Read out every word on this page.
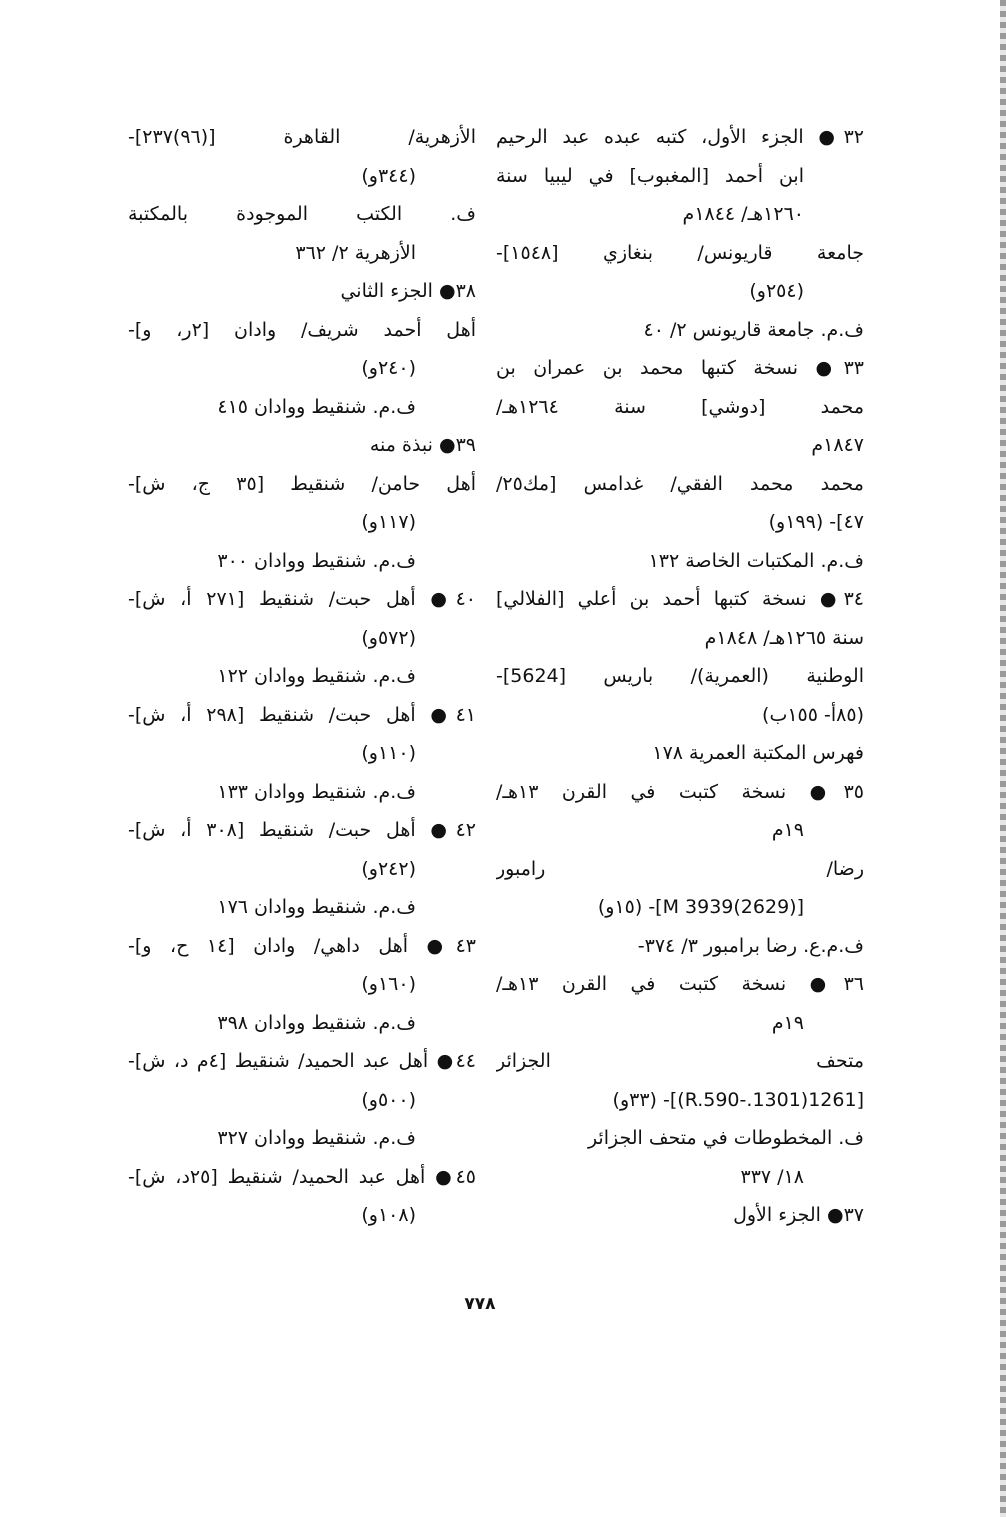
٣٢● الجزء الأول، كتبه عبده عبد الرحيم
ابن أحمد [المغبوب] في ليبيا سنة
١٢٦٠هـ/ ١٨٤٤م
جامعة قاريونس/ بنغازي [١٥٤٨]-
(٢٥٤و)
ف.م. جامعة قاريونس ٢/ ٤٠
٣٣● نسخة كتبها محمد بن عمران بن
محمد [دوشي] سنة ١٢٦٤هـ/
١٨٤٧م
محمد محمد الفقي/ غدامس [مك٢٥/
٤٧]- (١٩٩و)
ف.م. المكتبات الخاصة ١٣٢
٣٤● نسخة كتبها أحمد بن أعلي [الفلالي]
سنة ١٢٦٥هـ/ ١٨٤٨م
الوطنية (العمرية)/ باريس [5624]-
(٨٥أ- ١٥٥ب)
فهرس المكتبة العمرية ١٧٨
٣٥● نسخة كتبت في القرن ١٣هـ/
١٩م
رضا/ رامبور
[M 3939(2629)]- (١٥و)
ف.م.ع. رضا برامبور ٣/ ٣٧٤-
٣٦● نسخة كتبت في القرن ١٣هـ/
١٩م
متحف الجزائر
[1261(1301.-R.590)]- (٣٣و)
ف. المخطوطات في متحف الجزائر
١٨/ ٣٣٧
٣٧● الجزء الأول
الأزهرية/ القاهرة [(٩٦)٢٣٧]-
(٣٤٤و)
ف. الكتب الموجودة بالمكتبة
الأزهرية ٢/ ٣٦٢
٣٨● الجزء الثاني
أهل أحمد شريف/ وادان [٢ر، و]-
(٢٤٠و)
ف.م. شنقيط ووادان ٤١٥
٣٩● نبذة منه
أهل حامن/ شنقيط [٣٥ ج، ش]-
(١١٧و)
ف.م. شنقيط ووادان ٣٠٠
٤٠● أهل حبت/ شنقيط [٢٧١ أ، ش]-
(٥٧٢و)
ف.م. شنقيط ووادان ١٢٢
٤١● أهل حبت/ شنقيط [٢٩٨ أ، ش]-
(١١٠و)
ف.م. شنقيط ووادان ١٣٣
٤٢● أهل حبت/ شنقيط [٣٠٨ أ، ش]-
(٢٤٢و)
ف.م. شنقيط ووادان ١٧٦
٤٣● أهل داهي/ وادان [١٤ ح، و]-
(١٦٠و)
ف.م. شنقيط ووادان ٣٩٨
٤٤● أهل عبد الحميد/ شنقيط [٤م د، ش]-
(٥٠٠و)
ف.م. شنقيط ووادان ٣٢٧
٤٥● أهل عبد الحميد/ شنقيط [٢٥د، ش]-
(١٠٨و)
٧٧٨
